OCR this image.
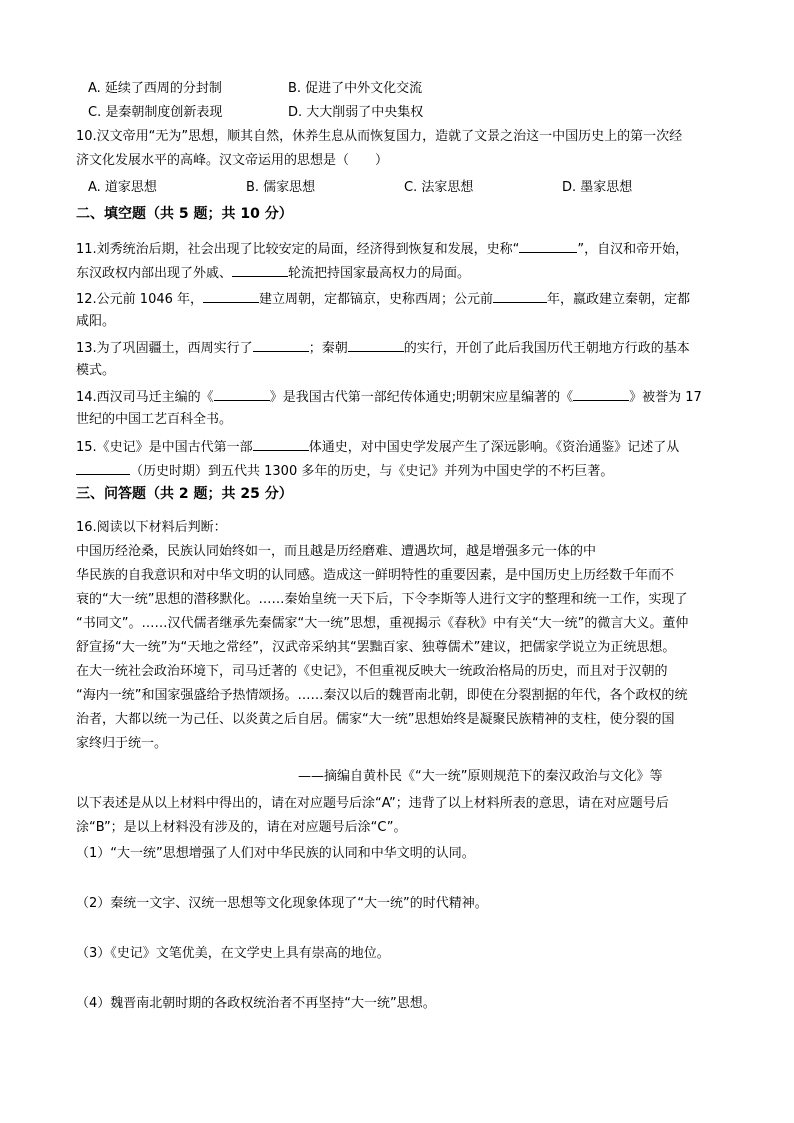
A. 延续了西周的分封制	B. 促进了中外文化交流
C. 是秦朝制度创新表现	D. 大大削弱了中央集权
10.汉文帝用“无为”思想，顺其自然，休养生息从而恢复国力，造就了文景之治这一中国历史上的第一次经
济文化发展水平的高峰。汉文帝运用的思想是（　　）
A. 道家思想	B. 儒家思想	C. 法家思想	D. 墨家思想
二、填空题（共 5 题；共 10 分）
11.刘秀统治后期，社会出现了比较安定的局面，经济得到恢复和发展，史称“	”，自汉和帝开始，
东汉政权内部出现了外戚、	轮流把持国家最高权力的局面。
12.公元前 1046 年，	建立周朝，定都镐京，史称西周；公元前	年，嬴政建立秦朝，定都
咸阳。
13.为了巩固疆土，西周实行了	；秦朝	的实行，开创了此后我国历代王朝地方行政的基本
模式。
14.西汉司马迁主编的《	》是我国古代第一部纪传体通史;明朝宋应星编著的《	》被誉为 17
世纪的中国工艺百科全书。
15.《史记》是中国古代第一部	体通史，对中国史学发展产生了深远影响。《资治通鉴》记述了从
（历史时期）到五代共 1300 多年的历史，与《史记》并列为中国史学的不朽巨著。
三、问答题（共 2 题；共 25 分）
16.阅读以下材料后判断：
中国历经沧桑，民族认同始终如一，而且越是历经磨难、遭遇坎坷，越是增强多元一体的中
华民族的自我意识和对中华文明的认同感。造成这一鲜明特性的重要因素，是中国历史上历经数千年而不
衰的“大一统”思想的潜移默化。……秦始皇统一天下后，下令李斯等人进行文字的整理和统一工作，实现了
“书同文”。……汉代儒者继承先秦儒家“大一统”思想，重视揭示《春秋》中有关“大一统”的微言大义。董仲
舒宣扬“大一统”为“天地之常经”，汉武帝采纳其“罢黜百家、独尊儒术”建议，把儒家学说立为正统思想。
在大一统社会政治环境下，司马迁著的《史记》，不但重视反映大一统政治格局的历史，而且对于汉朝的
“海内一统”和国家强盛给予热情颂扬。……秦汉以后的魏晋南北朝，即使在分裂割据的年代，各个政权的统
治者，大都以统一为己任、以炎黄之后自居。儒家“大一统”思想始终是凝聚民族精神的支柱，使分裂的国
家终归于统一。
——摘编自黄朴民《“大一统”原则规范下的秦汉政治与文化》等
以下表述是从以上材料中得出的，请在对应题号后涂“A”；违背了以上材料所表的意思，请在对应题号后
涂“B”；是以上材料没有涉及的，请在对应题号后涂“C”。
（1）“大一统”思想增强了人们对中华民族的认同和中华文明的认同。
（2）秦统一文字、汉统一思想等文化现象体现了“大一统”的时代精神。
（3）《史记》文笔优美，在文学史上具有崇高的地位。
（4）魏晋南北朝时期的各政权统治者不再坚持“大一统”思想。
